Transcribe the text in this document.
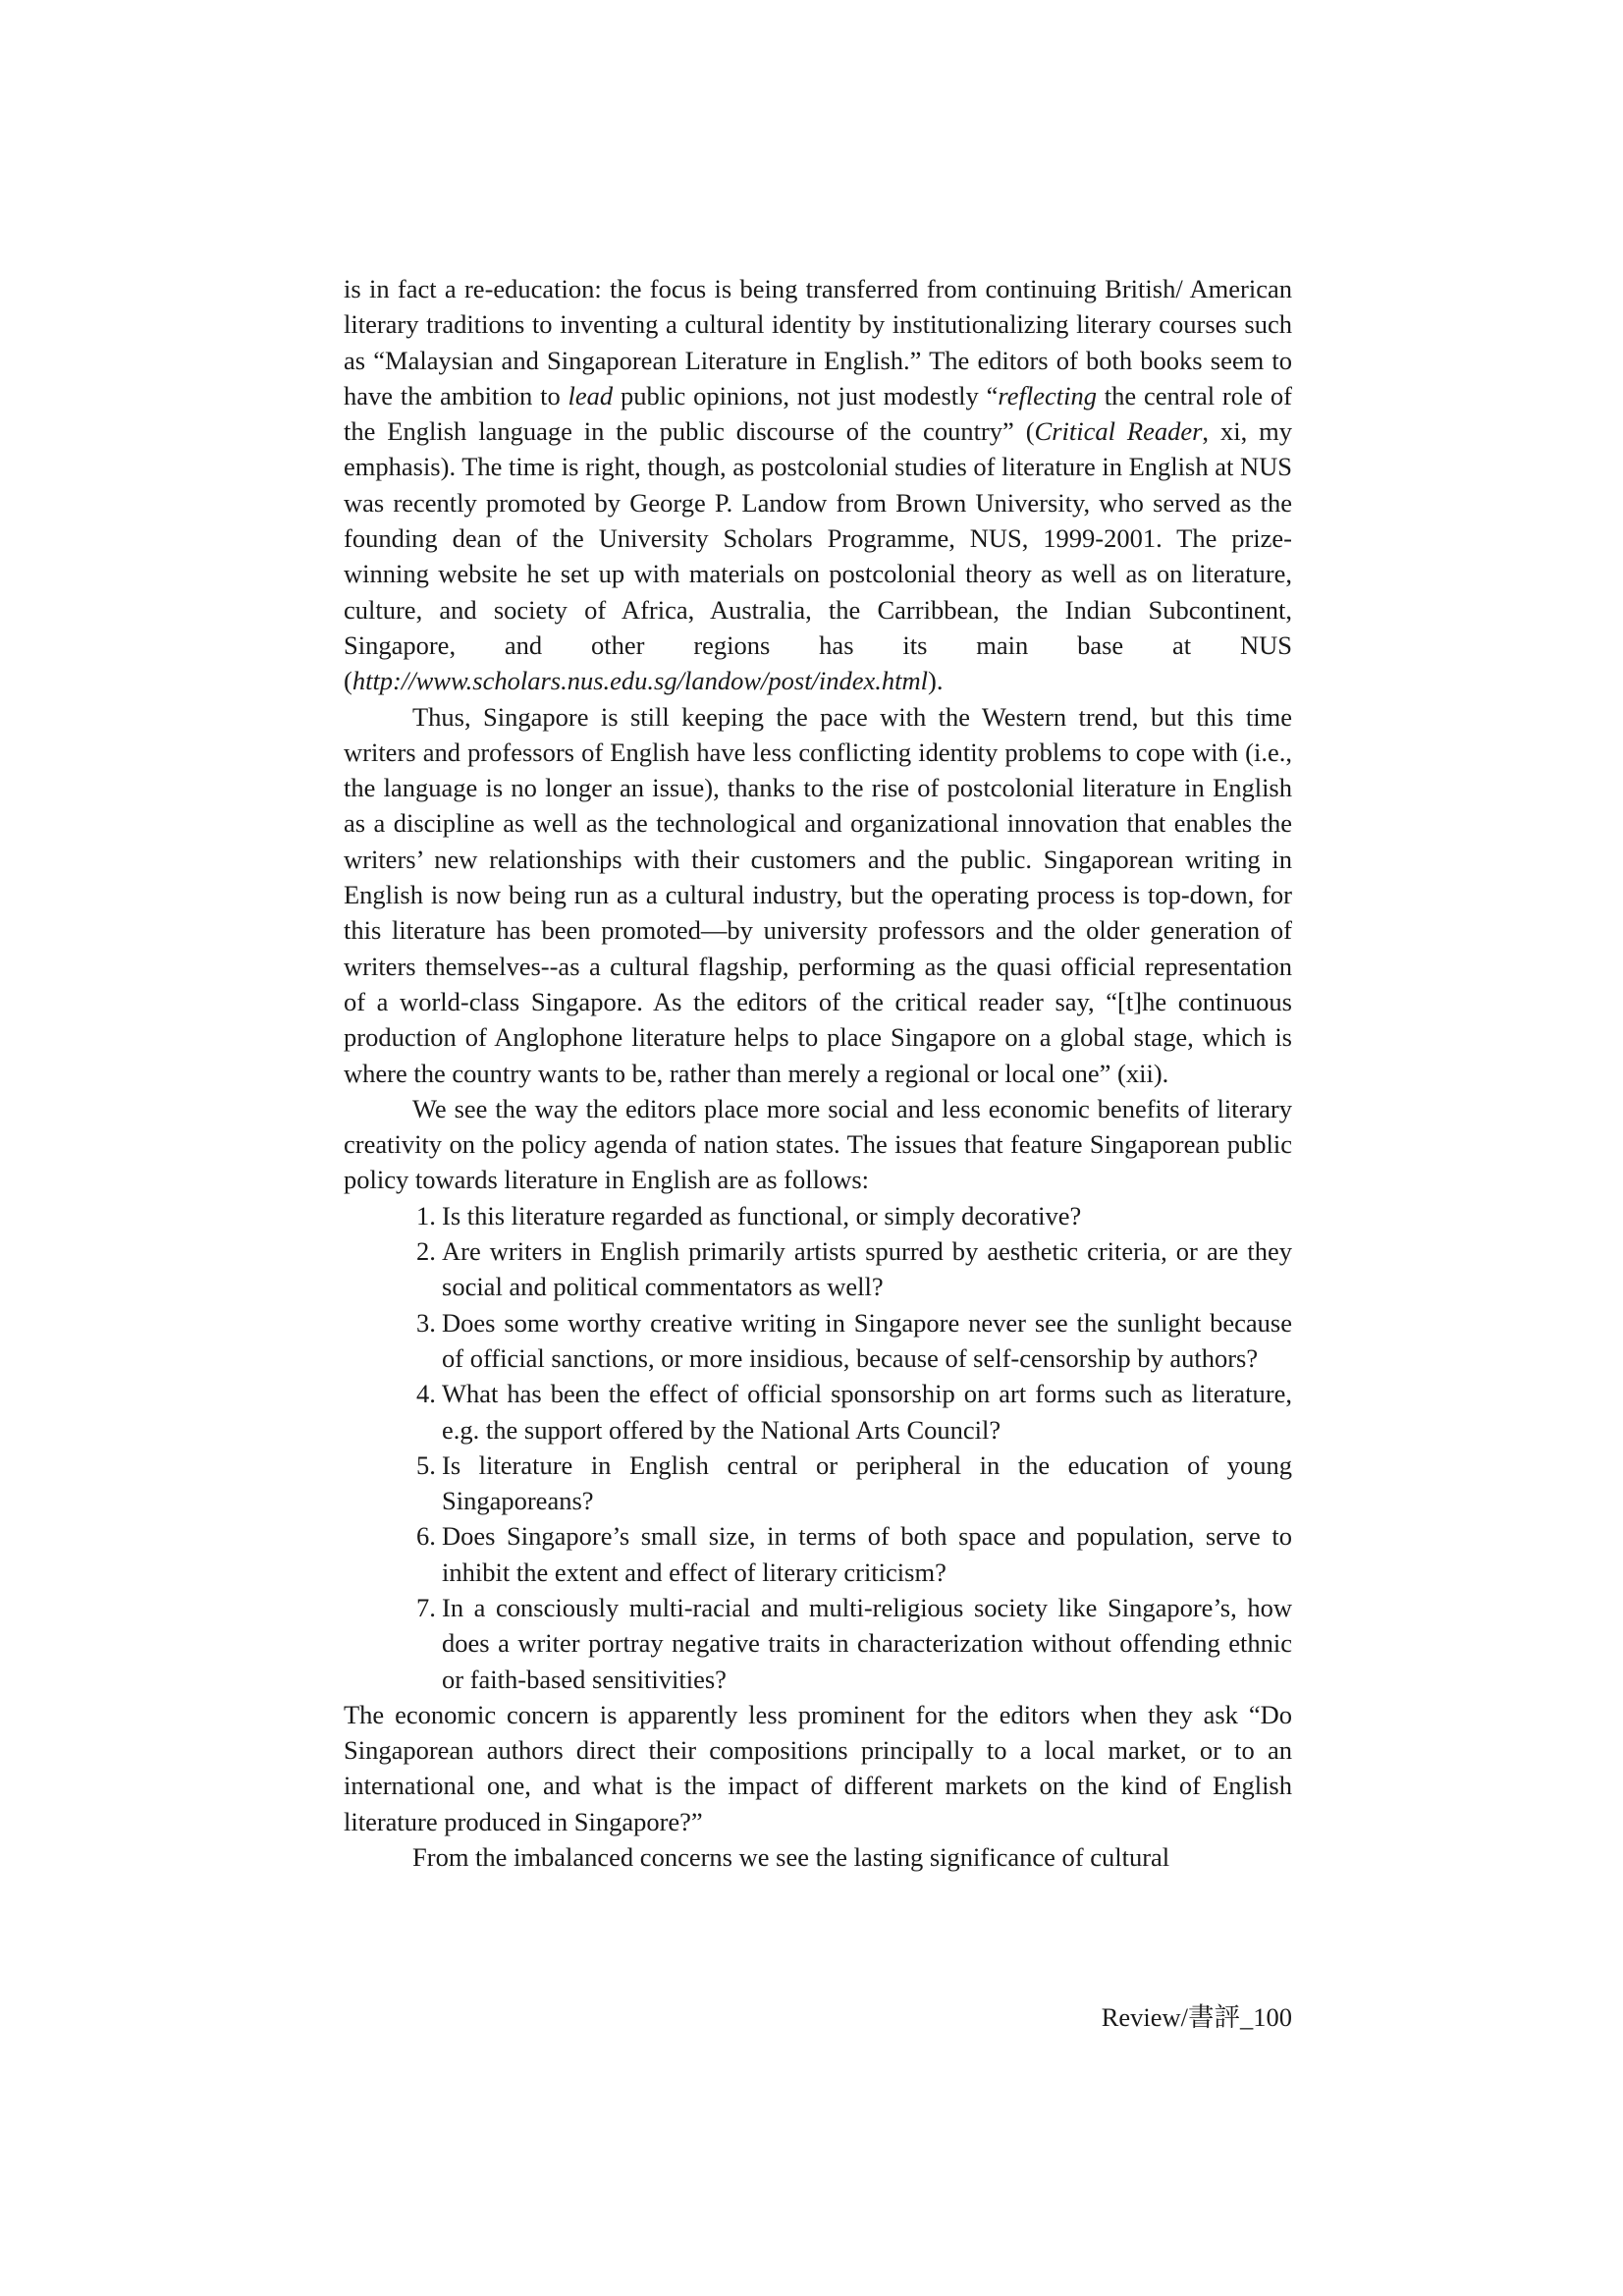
is in fact a re-education: the focus is being transferred from continuing British/ American literary traditions to inventing a cultural identity by institutionalizing literary courses such as “Malaysian and Singaporean Literature in English.” The editors of both books seem to have the ambition to lead public opinions, not just modestly “reflecting the central role of the English language in the public discourse of the country” (Critical Reader, xi, my emphasis). The time is right, though, as postcolonial studies of literature in English at NUS was recently promoted by George P. Landow from Brown University, who served as the founding dean of the University Scholars Programme, NUS, 1999-2001. The prize-winning website he set up with materials on postcolonial theory as well as on literature, culture, and society of Africa, Australia, the Carribbean, the Indian Subcontinent, Singapore, and other regions has its main base at NUS (http://www.scholars.nus.edu.sg/landow/post/index.html).

Thus, Singapore is still keeping the pace with the Western trend, but this time writers and professors of English have less conflicting identity problems to cope with (i.e., the language is no longer an issue), thanks to the rise of postcolonial literature in English as a discipline as well as the technological and organizational innovation that enables the writers’ new relationships with their customers and the public. Singaporean writing in English is now being run as a cultural industry, but the operating process is top-down, for this literature has been promoted—by university professors and the older generation of writers themselves--as a cultural flagship, performing as the quasi official representation of a world-class Singapore. As the editors of the critical reader say, “[t]he continuous production of Anglophone literature helps to place Singapore on a global stage, which is where the country wants to be, rather than merely a regional or local one” (xii).

We see the way the editors place more social and less economic benefits of literary creativity on the policy agenda of nation states. The issues that feature Singaporean public policy towards literature in English are as follows:

1. Is this literature regarded as functional, or simply decorative?
2. Are writers in English primarily artists spurred by aesthetic criteria, or are they social and political commentators as well?
3. Does some worthy creative writing in Singapore never see the sunlight because of official sanctions, or more insidious, because of self-censorship by authors?
4. What has been the effect of official sponsorship on art forms such as literature, e.g. the support offered by the National Arts Council?
5. Is literature in English central or peripheral in the education of young Singaporeans?
6. Does Singapore’s small size, in terms of both space and population, serve to inhibit the extent and effect of literary criticism?
7. In a consciously multi-racial and multi-religious society like Singapore’s, how does a writer portray negative traits in characterization without offending ethnic or faith-based sensitivities?

The economic concern is apparently less prominent for the editors when they ask “Do Singaporean authors direct their compositions principally to a local market, or to an international one, and what is the impact of different markets on the kind of English literature produced in Singapore?”

From the imbalanced concerns we see the lasting significance of cultural

Review/書評_100
